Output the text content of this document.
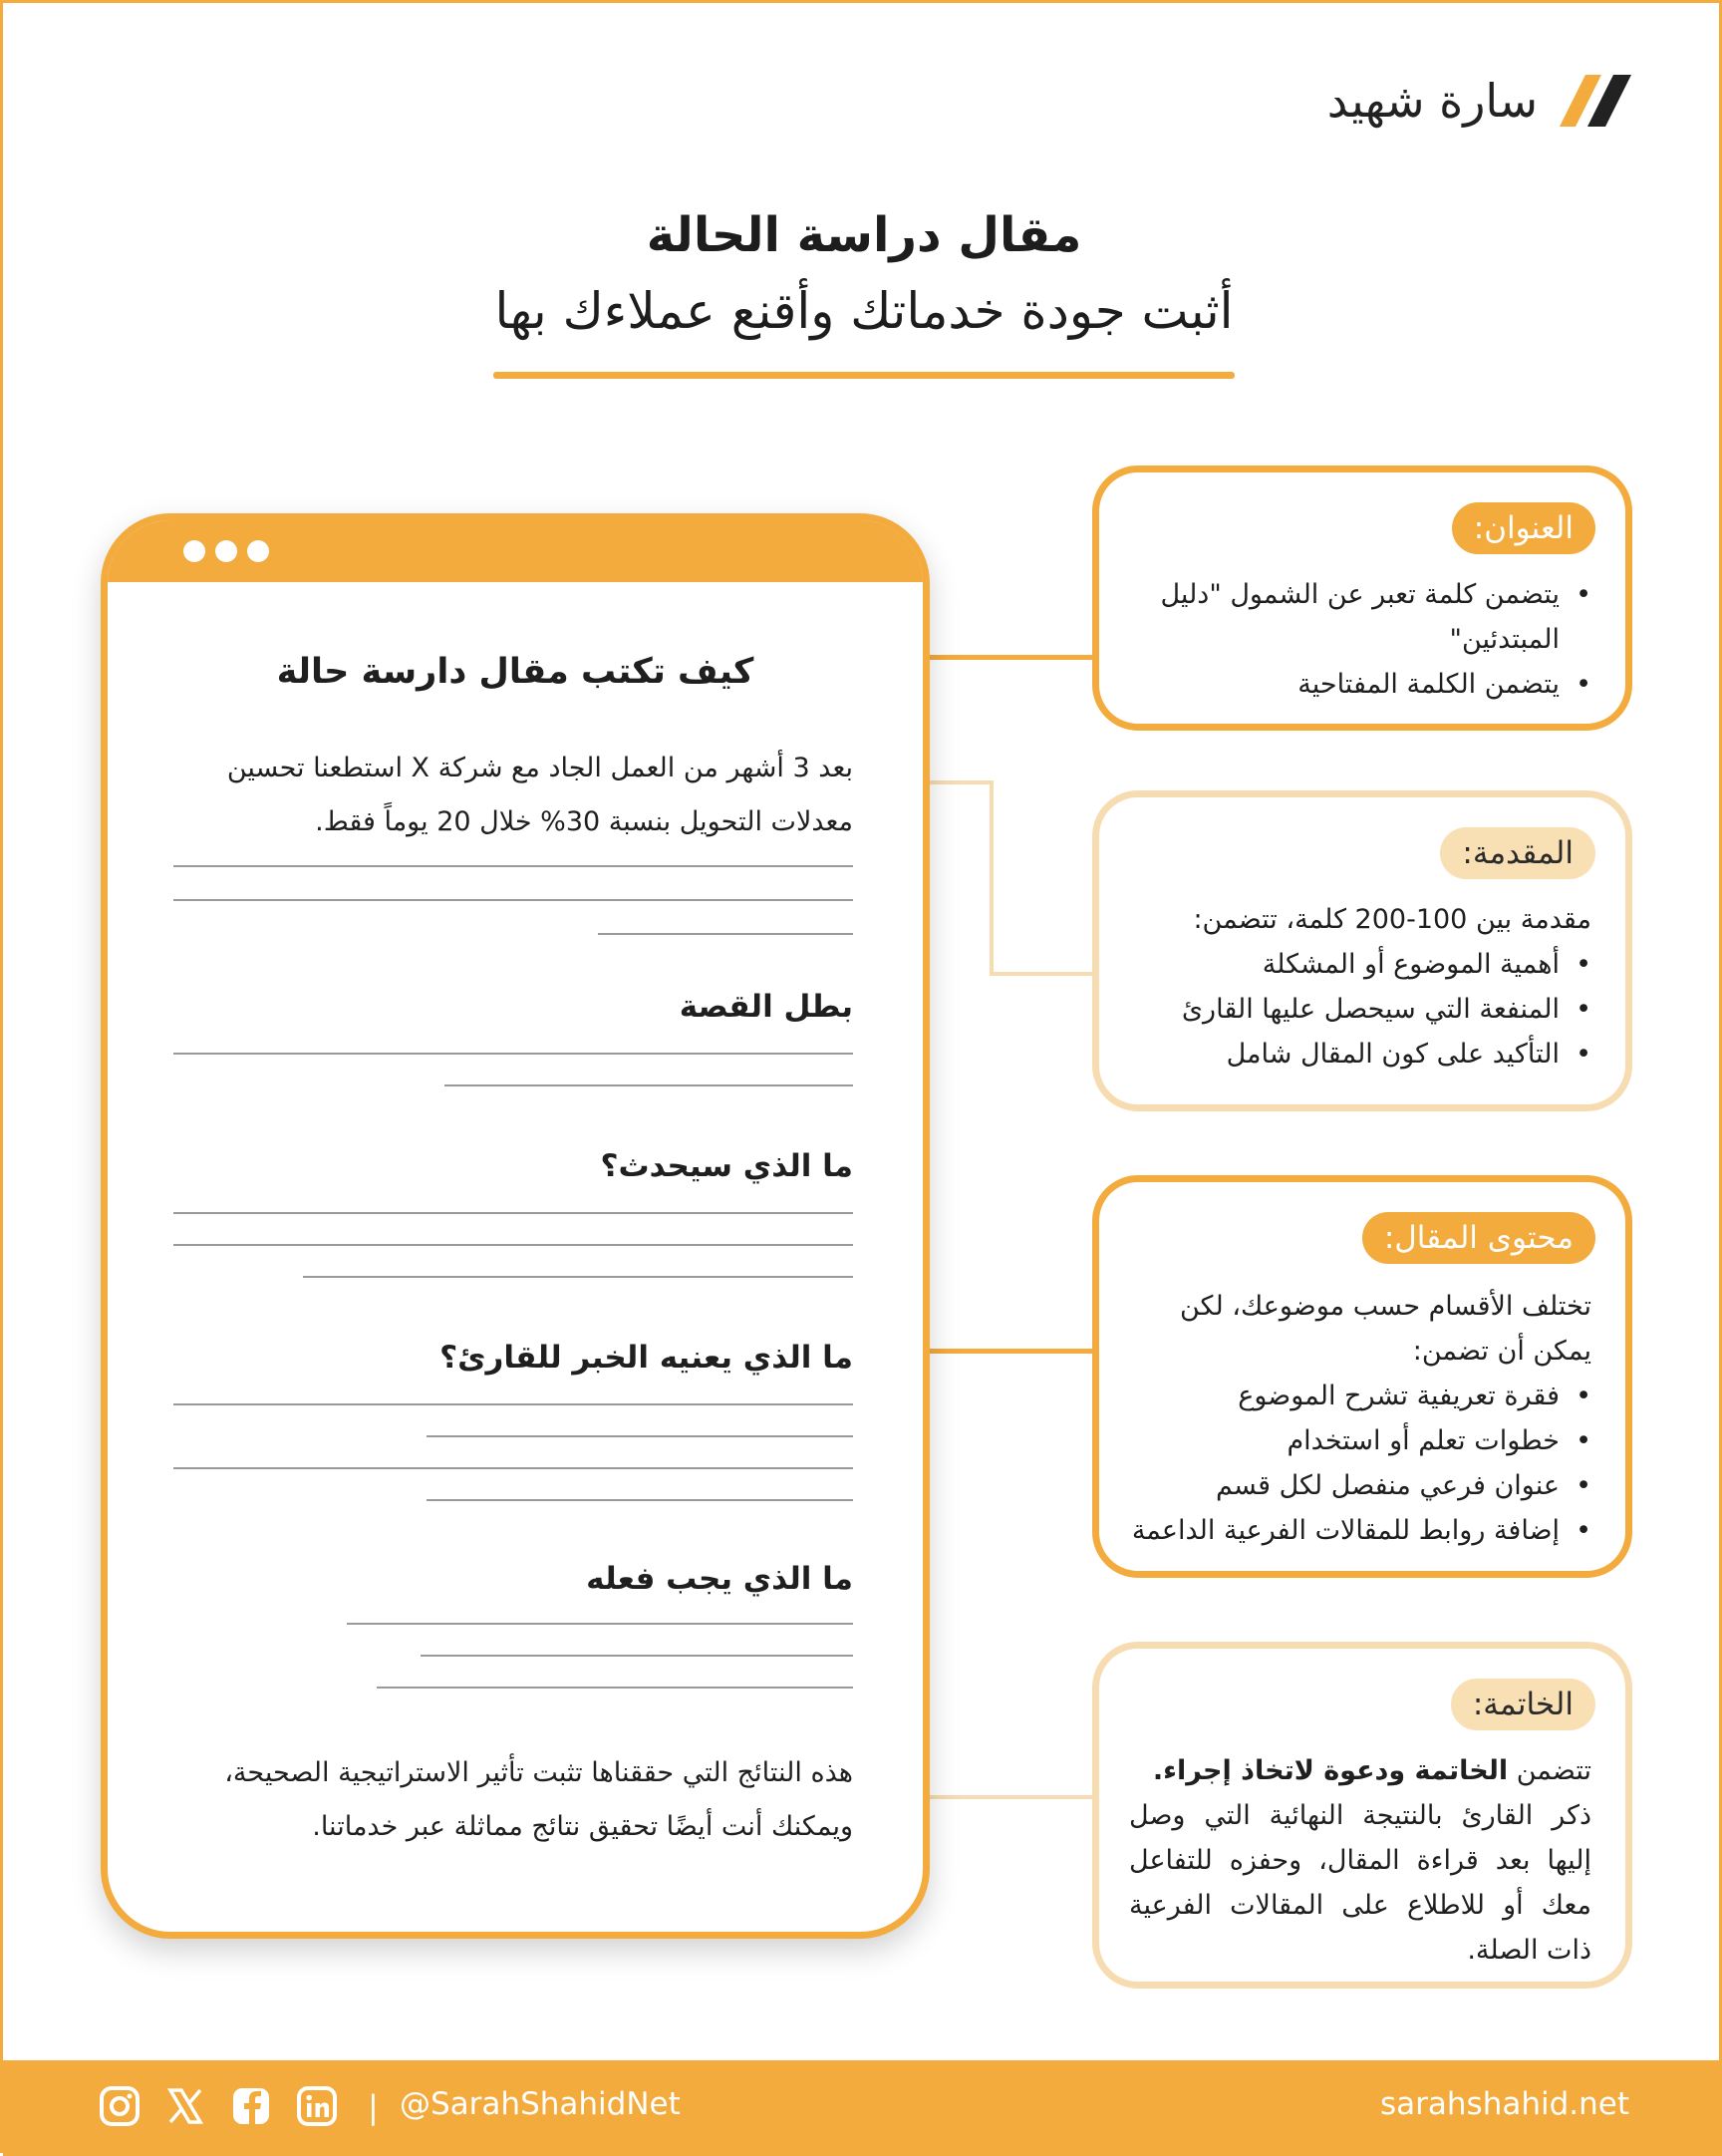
سارة شهيد
مقال دراسة الحالة
أثبت جودة خدماتك وأقنع عملاءك بها
كيف تكتب مقال دارسة حالة
بعد 3 أشهر من العمل الجاد مع شركة X استطعنا تحسين معدلات التحويل بنسبة 30% خلال 20 يوماً فقط.
بطل القصة
ما الذي سيحدث؟
ما الذي يعنيه الخبر للقارئ؟
ما الذي يجب فعله
هذه النتائج التي حققناها تثبت تأثير الاستراتيجية الصحيحة، ويمكنك أنت أيضًا تحقيق نتائج مماثلة عبر خدماتنا.
العنوان:
• يتضمن كلمة تعبر عن الشمول "دليل المبتدئين"
• يتضمن الكلمة المفتاحية
المقدمة:
مقدمة بين 100-200 كلمة، تتضمن:
• أهمية الموضوع أو المشكلة
• المنفعة التي سيحصل عليها القارئ
• التأكيد على كون المقال شامل
محتوى المقال:
تختلف الأقسام حسب موضوعك، لكن يمكن أن تضمن:
• فقرة تعريفية تشرح الموضوع
• خطوات تعلم أو استخدام
• عنوان فرعي منفصل لكل قسم
• إضافة روابط للمقالات الفرعية الداعمة
الخاتمة:

تتضمن الخاتمة ودعوة لاتخاذ إجراء.
ذكر القارئ بالنتيجة النهائية التي وصل إليها بعد قراءة المقال، وحفزه للتفاعل معك أو للاطلاع على المقالات الفرعية ذات الصلة.

| @SarahShahidNet	sarahshahid.net
